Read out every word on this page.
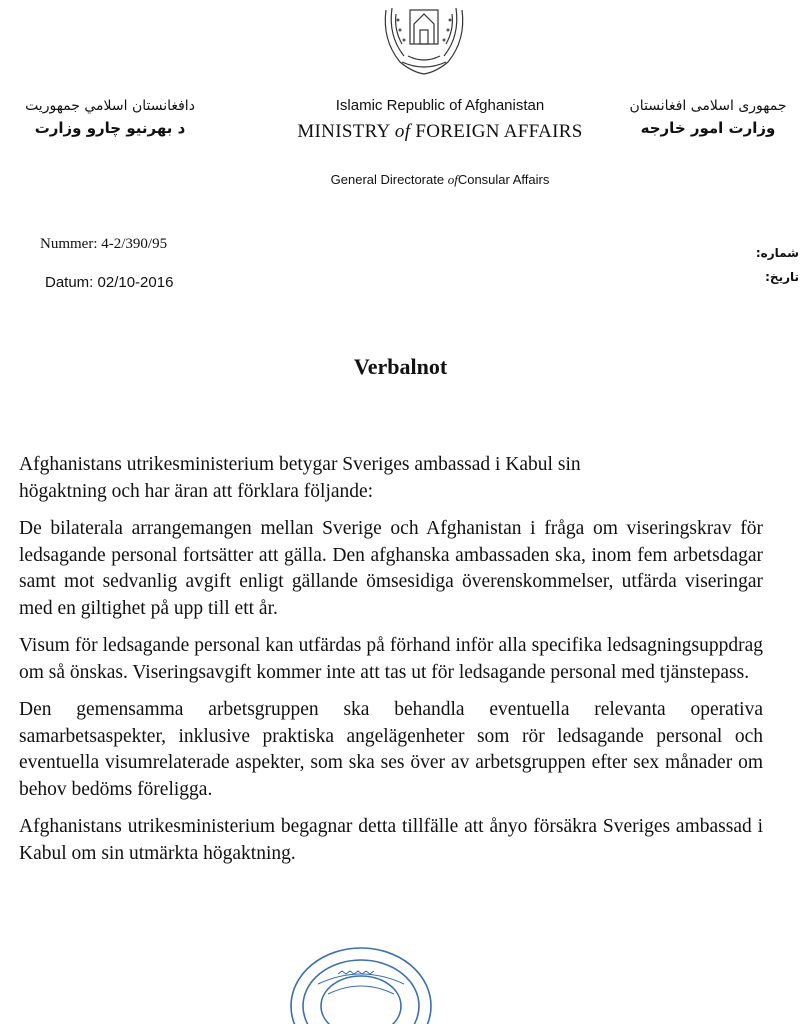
دافغانستان اسلامي جمهوريت
د بهرنيو چارو وزارت
Islamic Republic of Afghanistan
MINISTRY of FOREIGN AFFAIRS
جمهوری اسلامی افغانستان
وزارت امور خارجه
General Directorate ofConsular Affairs
Nummer: 4-2/390/95
Datum: 02/10-2016
شماره:
تاریخ:
Verbalnot

Afghanistans utrikesministerium betygar Sveriges ambassad i Kabul sin högaktning och har äran att förklara följande:

De bilaterala arrangemangen mellan Sverige och Afghanistan i fråga om viseringskrav för ledsagande personal fortsätter att gälla. Den afghanska ambassaden ska, inom fem arbetsdagar samt mot sedvanlig avgift enligt gällande ömsesidiga överenskommelser, utfärda viseringar med en giltighet på upp till ett år.

Visum för ledsagande personal kan utfärdas på förhand inför alla specifika ledsagningsuppdrag om så önskas. Viseringsavgift kommer inte att tas ut för ledsagande personal med tjänstepass.

Den gemensamma arbetsgruppen ska behandla eventuella relevanta operativa samarbetsaspekter, inklusive praktiska angelägenheter som rör ledsagande personal och eventuella visumrelaterade aspekter, som ska ses över av arbetsgruppen efter sex månader om behov bedöms föreligga.

Afghanistans utrikesministerium begagnar detta tillfälle att ånyo försäkra Sveriges ambassad i Kabul om sin utmärkta högaktning.
